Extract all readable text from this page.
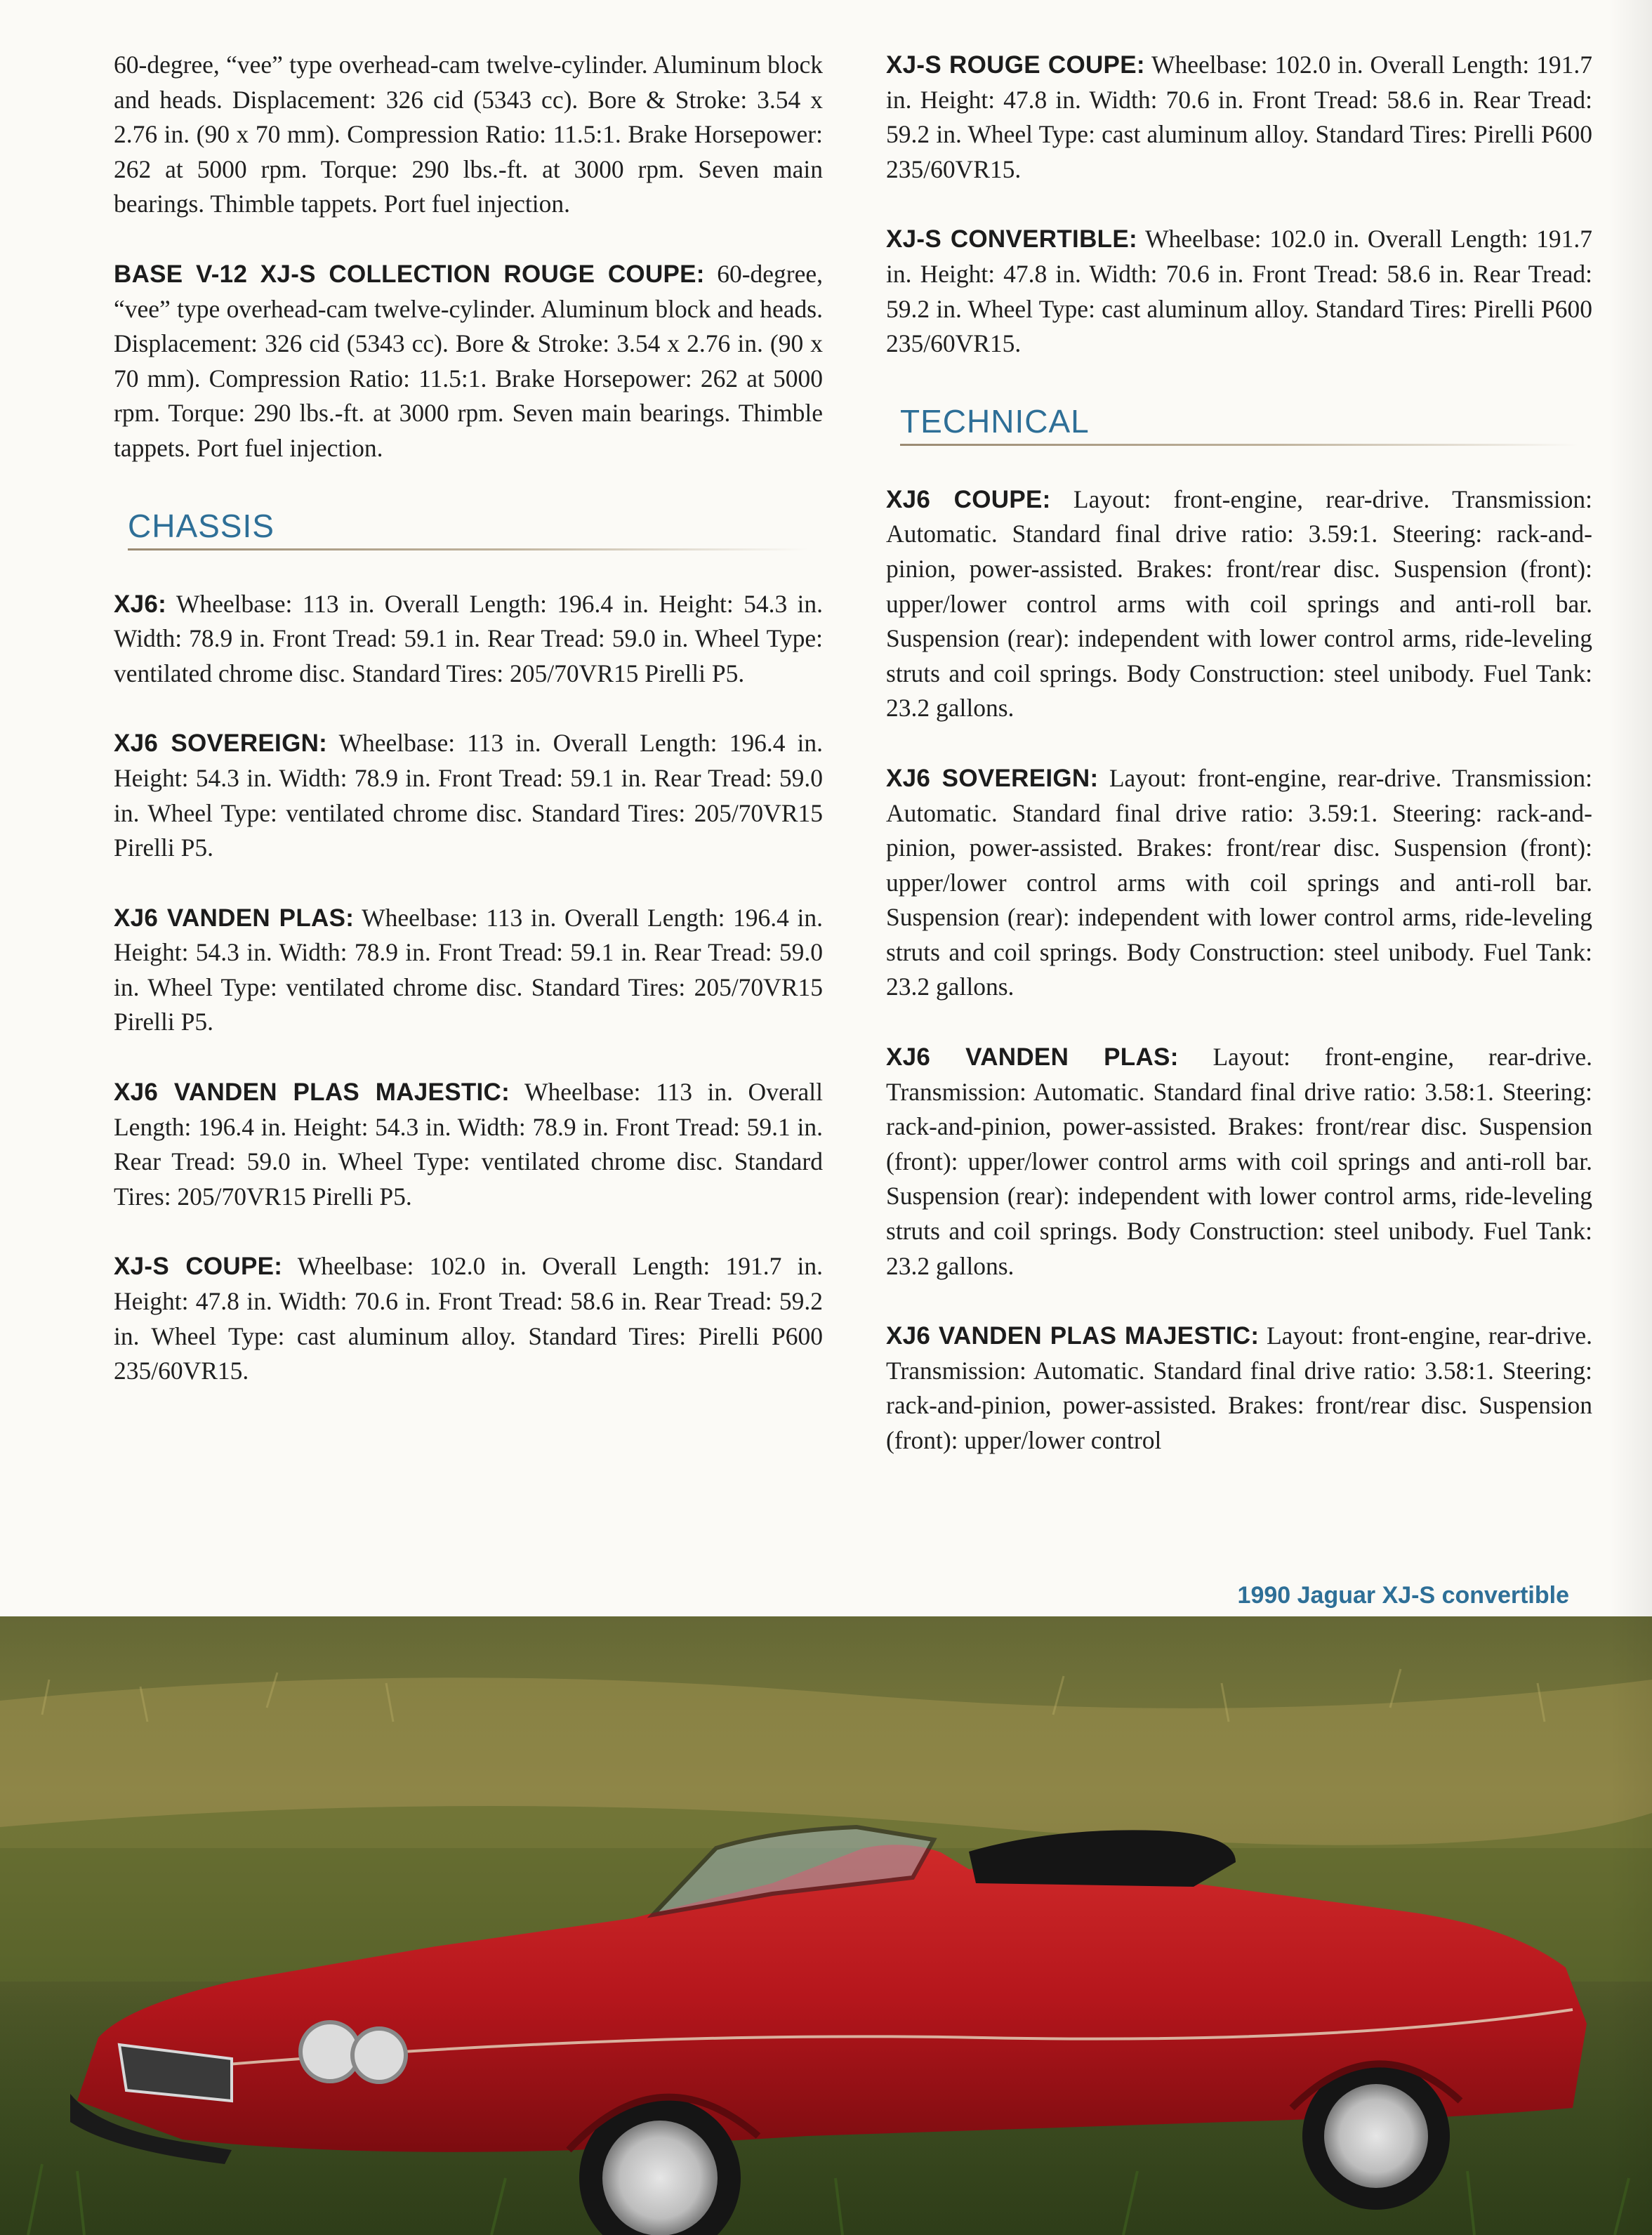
60-degree, “vee” type overhead-cam twelve-cylinder. Aluminum block and heads. Displacement: 326 cid (5343 cc). Bore & Stroke: 3.54 x 2.76 in. (90 x 70 mm). Compression Ratio: 11.5:1. Brake Horsepower: 262 at 5000 rpm. Torque: 290 lbs.-ft. at 3000 rpm. Seven main bearings. Thimble tappets. Port fuel injection.

BASE V-12 XJ-S COLLECTION ROUGE COUPE: 60-degree, “vee” type overhead-cam twelve-cylinder. Aluminum block and heads. Displacement: 326 cid (5343 cc). Bore & Stroke: 3.54 x 2.76 in. (90 x 70 mm). Compression Ratio: 11.5:1. Brake Horsepower: 262 at 5000 rpm. Torque: 290 lbs.-ft. at 3000 rpm. Seven main bearings. Thimble tappets. Port fuel injection.

CHASSIS

XJ6: Wheelbase: 113 in. Overall Length: 196.4 in. Height: 54.3 in. Width: 78.9 in. Front Tread: 59.1 in. Rear Tread: 59.0 in. Wheel Type: ventilated chrome disc. Standard Tires: 205/70VR15 Pirelli P5.

XJ6 SOVEREIGN: Wheelbase: 113 in. Overall Length: 196.4 in. Height: 54.3 in. Width: 78.9 in. Front Tread: 59.1 in. Rear Tread: 59.0 in. Wheel Type: ventilated chrome disc. Standard Tires: 205/70VR15 Pirelli P5.

XJ6 VANDEN PLAS: Wheelbase: 113 in. Overall Length: 196.4 in. Height: 54.3 in. Width: 78.9 in. Front Tread: 59.1 in. Rear Tread: 59.0 in. Wheel Type: ventilated chrome disc. Standard Tires: 205/70VR15 Pirelli P5.

XJ6 VANDEN PLAS MAJESTIC: Wheelbase: 113 in. Overall Length: 196.4 in. Height: 54.3 in. Width: 78.9 in. Front Tread: 59.1 in. Rear Tread: 59.0 in. Wheel Type: ventilated chrome disc. Standard Tires: 205/70VR15 Pirelli P5.

XJ-S COUPE: Wheelbase: 102.0 in. Overall Length: 191.7 in. Height: 47.8 in. Width: 70.6 in. Front Tread: 58.6 in. Rear Tread: 59.2 in. Wheel Type: cast aluminum alloy. Standard Tires: Pirelli P600 235/60VR15.

XJ-S ROUGE COUPE: Wheelbase: 102.0 in. Overall Length: 191.7 in. Height: 47.8 in. Width: 70.6 in. Front Tread: 58.6 in. Rear Tread: 59.2 in. Wheel Type: cast aluminum alloy. Standard Tires: Pirelli P600 235/60VR15.

XJ-S CONVERTIBLE: Wheelbase: 102.0 in. Overall Length: 191.7 in. Height: 47.8 in. Width: 70.6 in. Front Tread: 58.6 in. Rear Tread: 59.2 in. Wheel Type: cast aluminum alloy. Standard Tires: Pirelli P600 235/60VR15.

TECHNICAL

XJ6 COUPE: Layout: front-engine, rear-drive. Transmission: Automatic. Standard final drive ratio: 3.59:1. Steering: rack-and-pinion, power-assisted. Brakes: front/rear disc. Suspension (front): upper/lower control arms with coil springs and anti-roll bar. Suspension (rear): independent with lower control arms, ride-leveling struts and coil springs. Body Construction: steel unibody. Fuel Tank: 23.2 gallons.

XJ6 SOVEREIGN: Layout: front-engine, rear-drive. Transmission: Automatic. Standard final drive ratio: 3.59:1. Steering: rack-and-pinion, power-assisted. Brakes: front/rear disc. Suspension (front): upper/lower control arms with coil springs and anti-roll bar. Suspension (rear): independent with lower control arms, ride-leveling struts and coil springs. Body Construction: steel unibody. Fuel Tank: 23.2 gallons.

XJ6 VANDEN PLAS: Layout: front-engine, rear-drive. Transmission: Automatic. Standard final drive ratio: 3.58:1. Steering: rack-and-pinion, power-assisted. Brakes: front/rear disc. Suspension (front): upper/lower control arms with coil springs and anti-roll bar. Suspension (rear): independent with lower control arms, ride-leveling struts and coil springs. Body Construction: steel unibody. Fuel Tank: 23.2 gallons.

XJ6 VANDEN PLAS MAJESTIC: Layout: front-engine, rear-drive. Transmission: Automatic. Standard final drive ratio: 3.58:1. Steering: rack-and-pinion, power-assisted. Brakes: front/rear disc. Suspension (front): upper/lower control

1990 Jaguar XJ-S convertible
